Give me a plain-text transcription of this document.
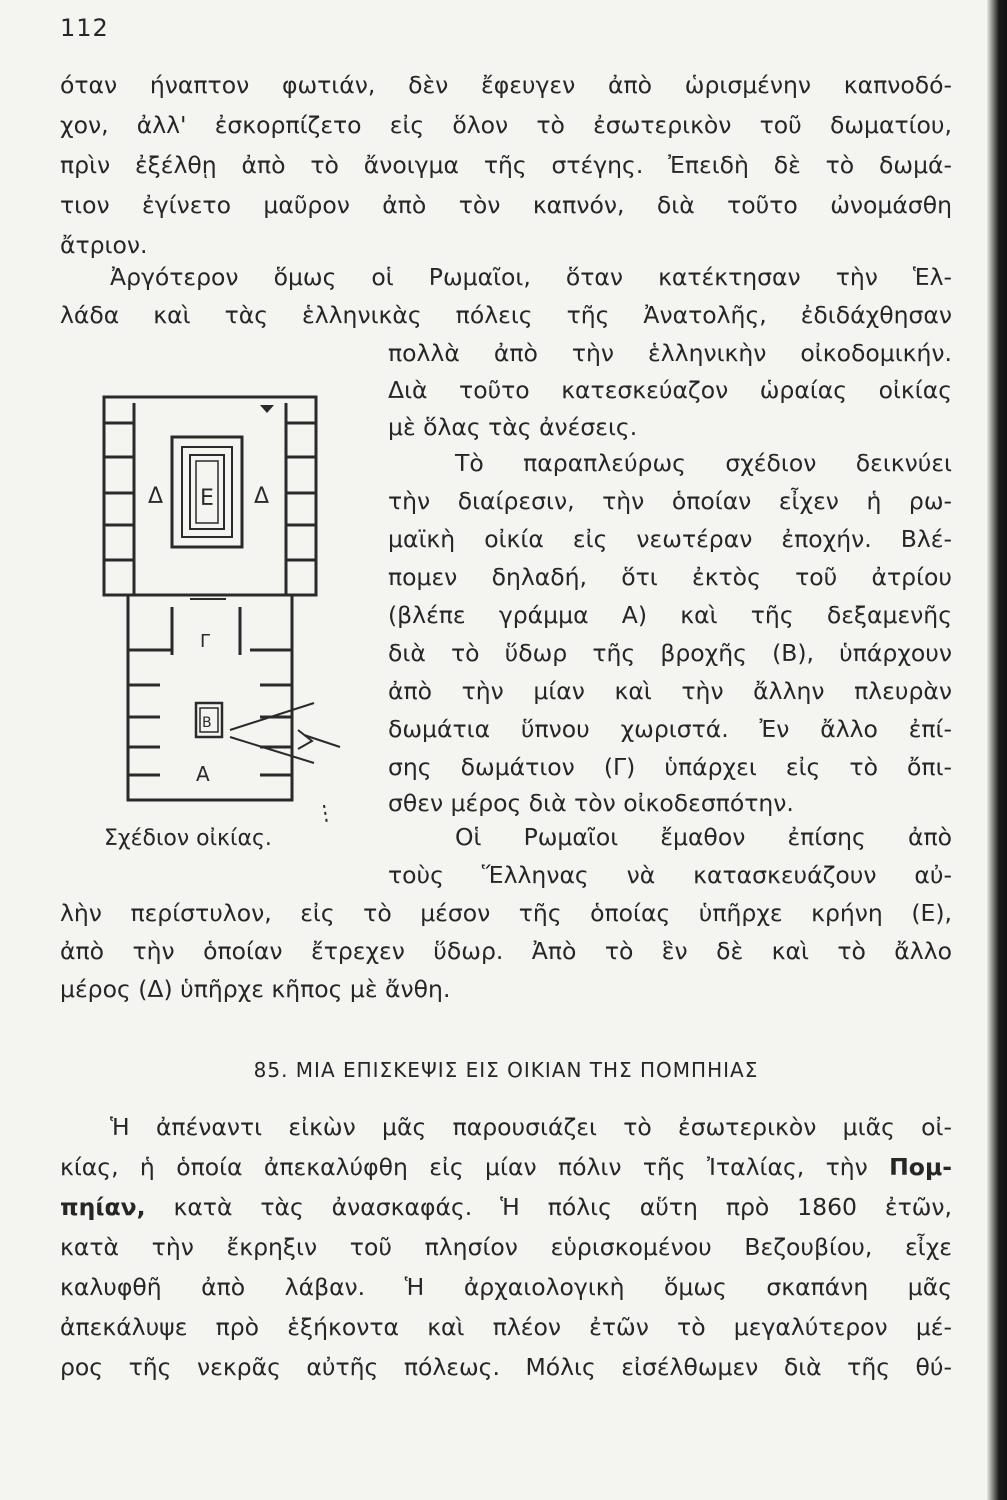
112
όταν ήναπτον φωτιάν, δὲν ἔφευγεν ἀπὸ ὡρισμένην καπνοδό-
χον, ἀλλ' ἐσκορπίζετο εἰς ὅλον τὸ ἐσωτερικὸν τοῦ δωματίου,
πρὶν ἐξέλθῃ ἀπὸ τὸ ἄνοιγμα τῆς στέγης. Ἐπειδὴ δὲ τὸ δωμά-
τιον ἐγίνετο μαῦρον ἀπὸ τὸν καπνόν, διὰ τοῦτο ὠνομάσθη
ἄτριον.
Ἀργότερον ὅμως οἱ Ρωμαῖοι, ὅταν κατέκτησαν τὴν Ἑλ-
λάδα καὶ τὰς ἑλληνικὰς πόλεις τῆς Ἀνατολῆς, ἐδιδάχθησαν
πολλὰ ἀπὸ τὴν ἑλληνικὴν οἰκοδομικήν.
Διὰ τοῦτο κατεσκεύαζον ὡραίας οἰκίας
μὲ ὅλας τὰς ἀνέσεις.
Τὸ παραπλεύρως σχέδιον δεικνύει
τὴν διαίρεσιν, τὴν ὁποίαν εἶχεν ἡ ρω-
μαϊκὴ οἰκία εἰς νεωτέραν ἐποχήν. Βλέ-
πομεν δηλαδή, ὅτι ἐκτὸς τοῦ ἀτρίου
(βλέπε γράμμα Α) καὶ τῆς δεξαμενῆς
διὰ τὸ ὕδωρ τῆς βροχῆς (Β), ὑπάρχουν
ἀπὸ τὴν μίαν καὶ τὴν ἄλλην πλευρὰν
δωμάτια ὕπνου χωριστά. Ἐν ἄλλο ἐπί-
σης δωμάτιον (Γ) ὑπάρχει εἰς τὸ ὄπι-
σθεν μέρος διὰ τὸν οἰκοδεσπότην.
Οἱ Ρωμαῖοι ἔμαθον ἐπίσης ἀπὸ
τοὺς Ἕλληνας νὰ κατασκευάζουν αὐ-
λὴν περίστυλον, εἰς τὸ μέσον τῆς ὁποίας ὑπῆρχε κρήνη (Ε),
ἀπὸ τὴν ὁποίαν ἔτρεχεν ὕδωρ. Ἀπὸ τὸ ἓν δὲ καὶ τὸ ἄλλο
μέρος (Δ) ὑπῆρχε κῆπος μὲ ἄνθη.
Δ Ε Δ
Γ
Β
Α
Σχέδιον οἰκίας.
85. ΜΙΑ ΕΠΙΣΚΕΨΙΣ ΕΙΣ ΟΙΚΙΑΝ ΤΗΣ ΠΟΜΠΗΙΑΣ
Ἡ ἀπέναντι εἰκὼν μᾶς παρουσιάζει τὸ ἐσωτερικὸν μιᾶς οἰ-
κίας, ἡ ὁποία ἀπεκαλύφθη εἰς μίαν πόλιν τῆς Ἰταλίας, τὴν Πομ-
πηίαν, κατὰ τὰς ἀνασκαφάς. Ἡ πόλις αὕτη πρὸ 1860 ἐτῶν,
κατὰ τὴν ἔκρηξιν τοῦ πλησίον εὑρισκομένου Βεζουβίου, εἶχε
καλυφθῆ ἀπὸ λάβαν. Ἡ ἀρχαιολογικὴ ὅμως σκαπάνη μᾶς
ἀπεκάλυψε πρὸ ἑξήκοντα καὶ πλέον ἐτῶν τὸ μεγαλύτερον μέ-
ρος τῆς νεκρᾶς αὐτῆς πόλεως. Μόλις εἰσέλθωμεν διὰ τῆς θύ-
